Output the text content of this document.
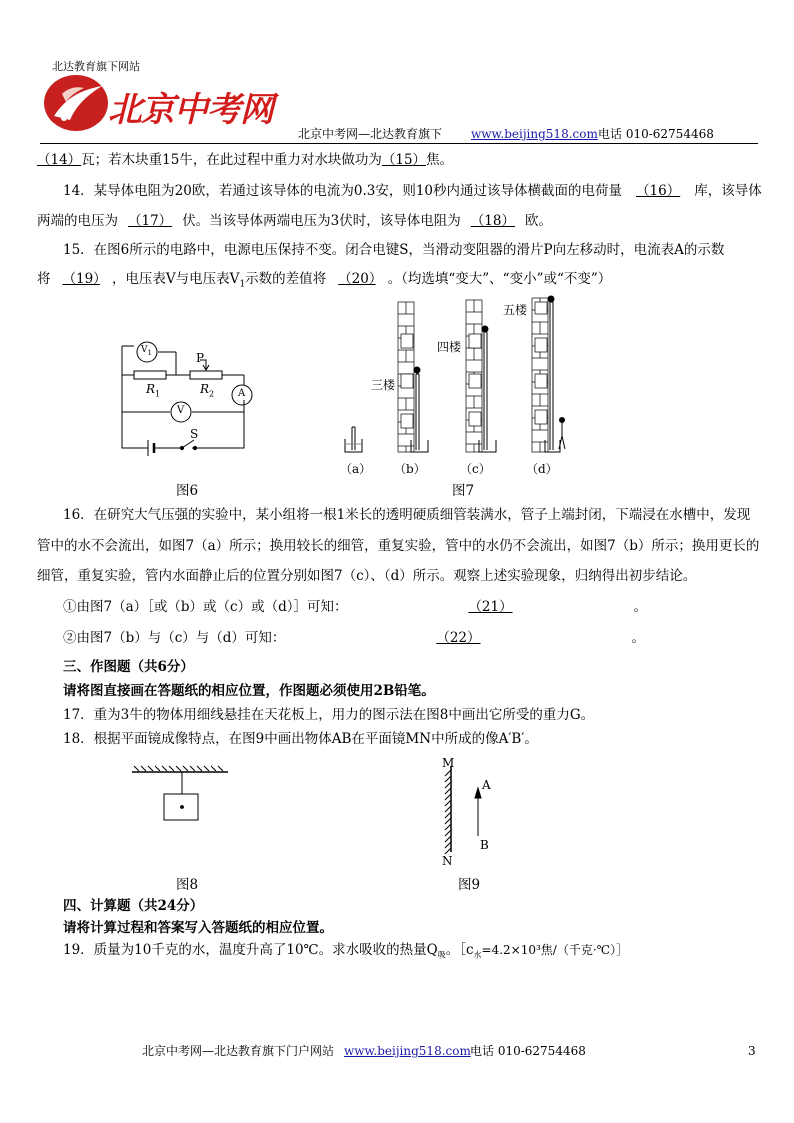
北达教育旗下网站
北京中考网
北京中考网—北达教育旗下 www.beijing518.com 电话 010-62754468
（14）瓦；若木块重15牛，在此过程中重力对水块做功为（15）焦。
14．某导体电阻为20欧，若通过该导体的电流为0.3安，则10秒内通过该导体横截面的电荷量 （16） 库，该导体
两端的电压为 （17） 伏。当该导体两端电压为3伏时，该导体电阻为 （18） 欧。
15．在图6所示的电路中，电源电压保持不变。闭合电键S，当滑动变阻器的滑片P向左移动时，电流表A的示数
将 （19） ，电压表V与电压表$V_1$示数的差值将 （20） 。（均选填“变大”、“变小”或“不变”）
$V_1$	P
$R_1$	$R_2$ A
V
S
图6
三楼
四楼
五楼
（a） （b）	（c）	（d）
图7
16．在研究大气压强的实验中，某小组将一根1米长的透明硬质细管装满水，管子上端封闭，下端浸在水槽中，发现
管中的水不会流出，如图7（a）所示；换用较长的细管，重复实验，管中的水仍不会流出，如图7（b）所示；换用更长的
细管，重复实验，管内水面静止后的位置分别如图7（c）、（d）所示。观察上述实验现象，归纳得出初步结论。
①由图7（a）［或（b）或（c）或（d）］可知：	（21）	。
②由图7（b）与（c）与（d）可知：	（22）	。
三、作图题（共6分）
请将图直接画在答题纸的相应位置，作图题必须使用2B铅笔。
17．重为3牛的物体用细线悬挂在天花板上，用力的图示法在图8中画出它所受的重力G。
18．根据平面镜成像特点，在图9中画出物体AB在平面镜MN中所成的像A′B′。
图8
M
N
A
B
图9
四、计算题（共24分）
请将计算过程和答案写入答题纸的相应位置。
19．质量为10千克的水，温度升高了10℃。求水吸收的热量$Q_吸$。$[c_水=4.2\times 10^3$焦/（千克·℃）］
北京中考网—北达教育旗下门户网站 www.beijing518.com 电话 010-62754468	3
